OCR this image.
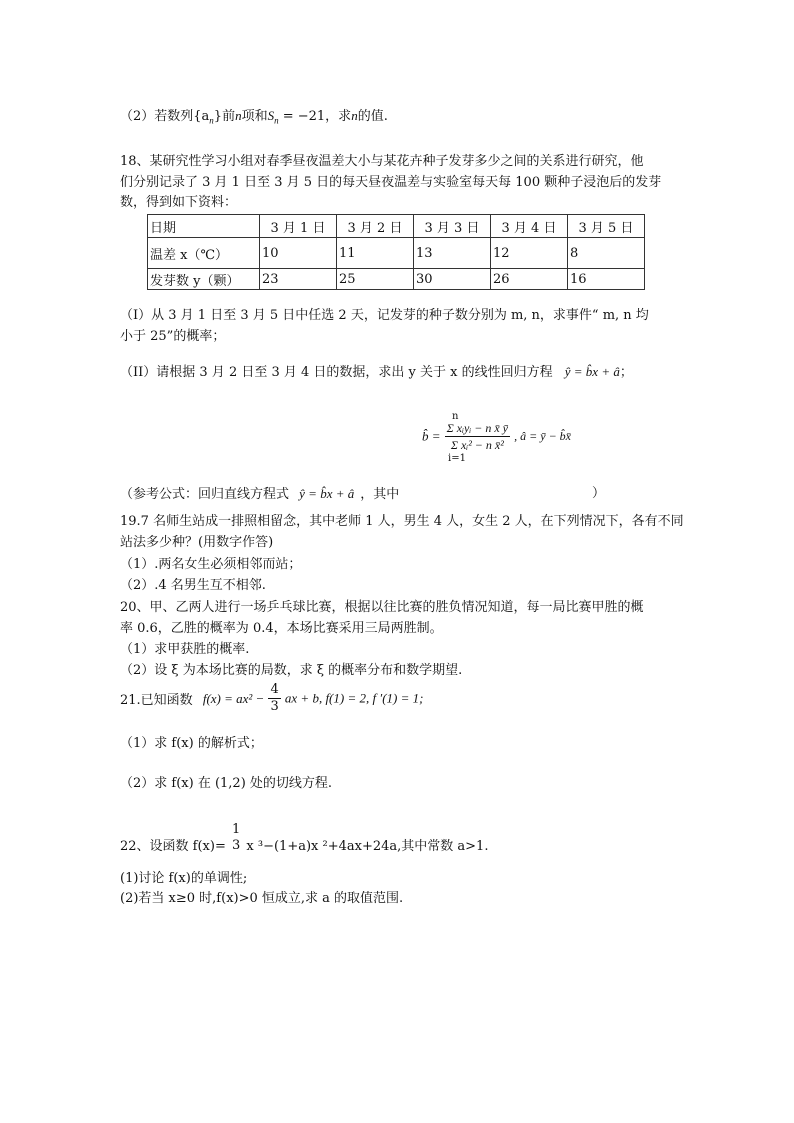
（2）若数列$\{a_n\}$前n项和$S_n = -21$，求n的值.
18、某研究性学习小组对春季昼夜温差大小与某花卉种子发芽多少之间的关系进行研究，他
们分别记录了 3 月 1 日至 3 月 5 日的每天昼夜温差与实验室每天每 100 颗种子浸泡后的发芽
数，得到如下资料：
日期	3 月 1 日	3 月 2 日	3 月 3 日	3 月 4 日	3 月 5 日
温差 x（℃）	10	11	13	12	8
发芽数 y（颗）	23	25	30	26	16
（I）从 3 月 1 日至 3 月 5 日中任选 2 天，记发芽的种子数分别为 m, n，求事件“ m, n 均
小于 25”的概率；
（II）请根据 3 月 2 日至 3 月 4 日的数据，求出 y 关于 x 的线性回归方程 ŷ = b̂x + â；
b̂ = $\frac{\text{Σ xᵢyᵢ − n x̄ ȳ}}{\text{Σ xᵢ² − n x̄²}}$ , â = ȳ − b̂x̄
n
i=1
（参考公式：回归直线方程式 ŷ = b̂x + â ，其中	）
19.7 名师生站成一排照相留念，其中老师 1 人，男生 4 人，女生 2 人，在下列情况下，各有不同
站法多少种？(用数字作答)
（1）.两名女生必须相邻而站；
（2）.4 名男生互不相邻.
20、甲、乙两人进行一场乒乓球比赛，根据以往比赛的胜负情况知道，每一局比赛甲胜的概
率 0.6，乙胜的概率为 0.4，本场比赛采用三局两胜制。
（1）求甲获胜的概率.
（2）设 ξ 为本场比赛的局数，求 ξ 的概率分布和数学期望.
21.已知函数 $f(x) = ax^2 - \frac{4}{3}$ ax + b, f(1) = 2, f ′(1) = 1;
（1）求 f(x) 的解析式；
（2）求 f(x) 在 (1,2) 处的切线方程.
22、设函数 f(x)=
1
3 x ³−(1+a)x ²+4ax+24a,其中常数 a>1.
(1)讨论 f(x)的单调性;
(2)若当 x≥0 时,f(x)>0 恒成立,求 a 的取值范围.
